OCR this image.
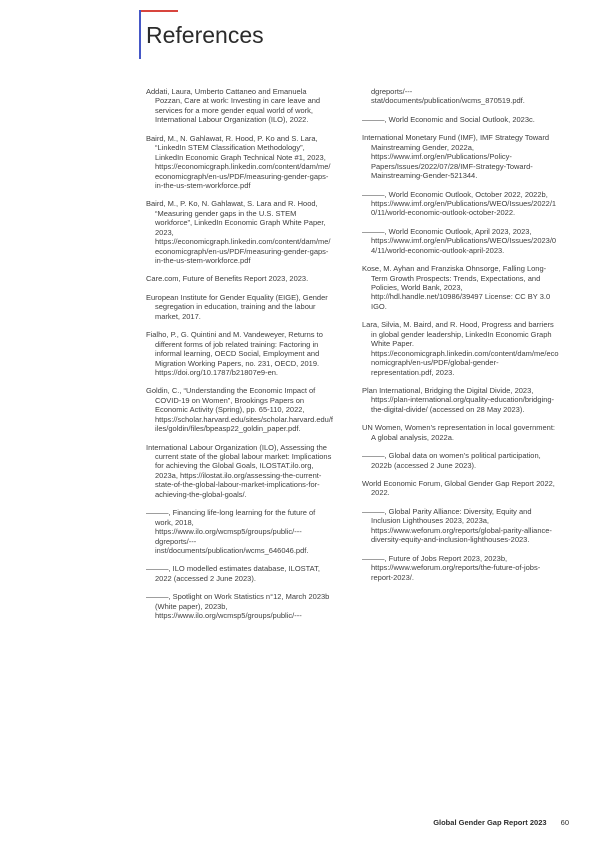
References

Addati, Laura, Umberto Cattaneo and Emanuela Pozzan, Care at work: Investing in care leave and services for a more gender equal world of work, International Labour Organization (ILO), 2022.

Baird, M., N. Gahlawat, R. Hood, P. Ko and S. Lara, “LinkedIn STEM Classification Methodology”, LinkedIn Economic Graph Technical Note #1, 2023, https://economicgraph.linkedin.com/content/dam/me/economicgraph/en-us/PDF/measuring-gender-gaps-in-the-us-stem-workforce.pdf

Baird, M., P. Ko, N. Gahlawat, S. Lara and R. Hood, “Measuring gender gaps in the U.S. STEM workforce”, LinkedIn Economic Graph White Paper, 2023, https://economicgraph.linkedin.com/content/dam/me/economicgraph/en-us/PDF/measuring-gender-gaps-in-the-us-stem-workforce.pdf

Care.com, Future of Benefits Report 2023, 2023.

European Institute for Gender Equality (EIGE), Gender segregation in education, training and the labour market, 2017.

Fialho, P., G. Quintini and M. Vandeweyer, Returns to different forms of job related training: Factoring in informal learning, OECD Social, Employment and Migration Working Papers, no. 231, OECD, 2019. https://doi.org/10.1787/b21807e9-en.

Goldin, C., “Understanding the Economic Impact of COVID-19 on Women”, Brookings Papers on Economic Activity (Spring), pp. 65-110, 2022, https://scholar.harvard.edu/sites/scholar.harvard.edu/files/goldin/files/bpeasp22_goldin_paper.pdf.

International Labour Organization (ILO), Assessing the current state of the global labour market: Implications for achieving the Global Goals, ILOSTAT.ilo.org, 2023a, https://ilostat.ilo.org/assessing-the-current-state-of-the-global-labour-market-implications-for-achieving-the-global-goals/.

———, Financing life-long learning for the future of work, 2018, https://www.ilo.org/wcmsp5/groups/public/---dgreports/---inst/documents/publication/wcms_646046.pdf.

———, ILO modelled estimates database, ILOSTAT, 2022 (accessed 2 June 2023).

———, Spotlight on Work Statistics n°12, March 2023b (White paper), 2023b, https://www.ilo.org/wcmsp5/groups/public/---

dgreports/--- stat/documents/publication/wcms_870519.pdf.

———, World Economic and Social Outlook, 2023c.

International Monetary Fund (IMF), IMF Strategy Toward Mainstreaming Gender, 2022a, https://www.imf.org/en/Publications/Policy-Papers/Issues/2022/07/28/IMF-Strategy-Toward-Mainstreaming-Gender-521344.

———, World Economic Outlook, October 2022, 2022b, https://www.imf.org/en/Publications/WEO/Issues/2022/10/11/world-economic-outlook-october-2022.

———, World Economic Outlook, April 2023, 2023, https://www.imf.org/en/Publications/WEO/Issues/2023/04/11/world-economic-outlook-april-2023.

Kose, M. Ayhan and Franziska Ohnsorge, Falling Long-Term Growth Prospects: Trends, Expectations, and Policies, World Bank, 2023, http://hdl.handle.net/10986/39497 License: CC BY 3.0 IGO.

Lara, Silvia, M. Baird, and R. Hood, Progress and barriers in global gender leadership, LinkedIn Economic Graph White Paper. https://economicgraph.linkedin.com/content/dam/me/economicgraph/en-us/PDF/global-gender-representation.pdf, 2023.

Plan International, Bridging the Digital Divide, 2023, https://plan-international.org/quality-education/bridging-the-digital-divide/ (accessed on 28 May 2023).

UN Women, Women’s representation in local government: A global analysis, 2022a.

———, Global data on women’s political participation, 2022b (accessed 2 June 2023).

World Economic Forum, Global Gender Gap Report 2022, 2022.

———, Global Parity Alliance: Diversity, Equity and Inclusion Lighthouses 2023, 2023a, https://www.weforum.org/reports/global-parity-alliance-diversity-equity-and-inclusion-lighthouses-2023.

———, Future of Jobs Report 2023, 2023b, https://www.weforum.org/reports/the-future-of-jobs-report-2023/.

Global Gender Gap Report 2023 60
